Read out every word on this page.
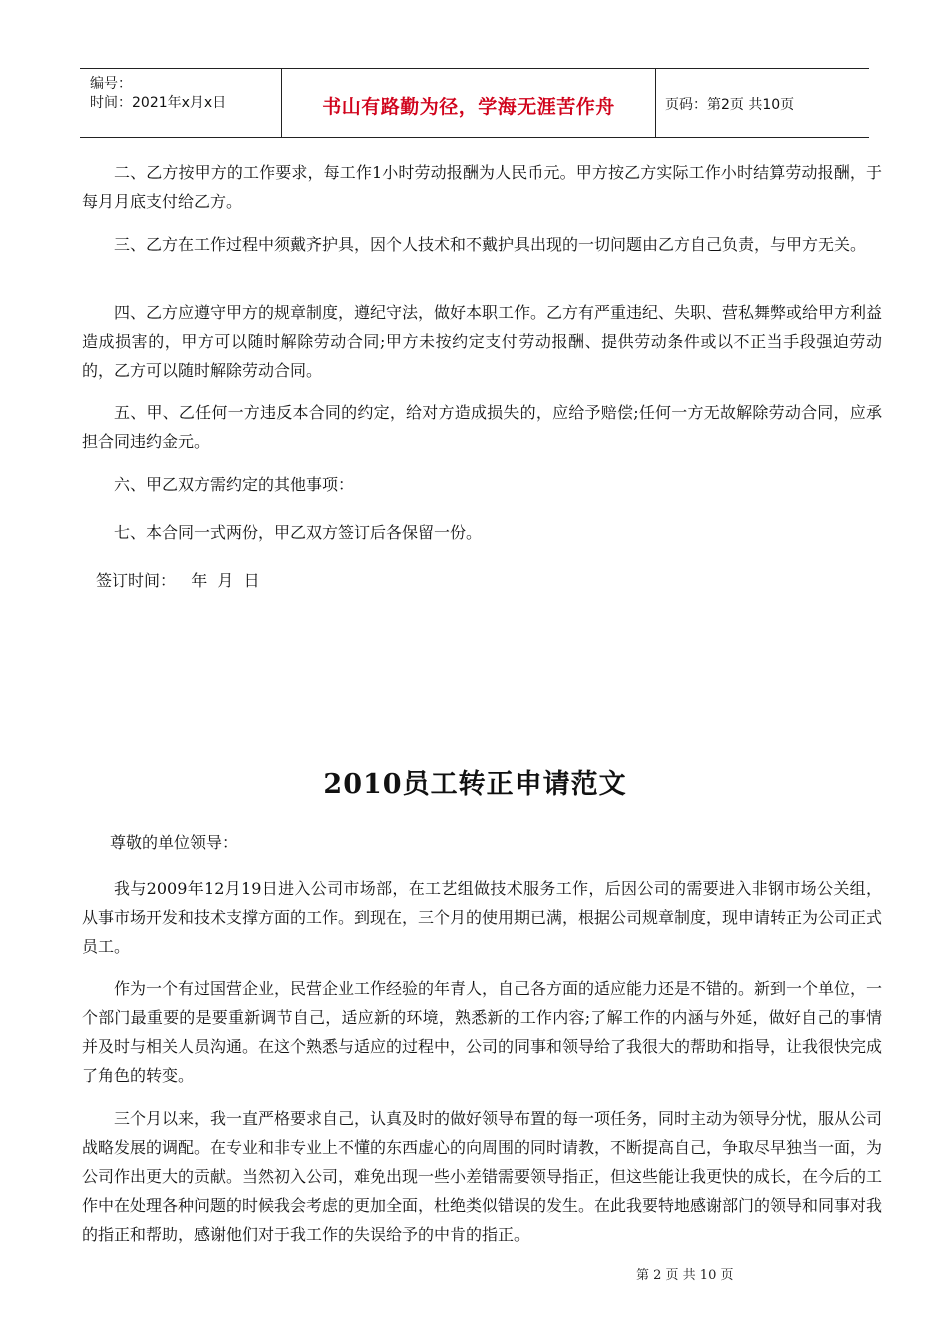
编号：
时间：2021年x月x日	书山有路勤为径，学海无涯苦作舟	页码：第2页 共10页

二、乙方按甲方的工作要求，每工作1小时劳动报酬为人民币元。甲方按乙方实际工作小时结算劳动报酬，于每月月底支付给乙方。

三、乙方在工作过程中须戴齐护具，因个人技术和不戴护具出现的一切问题由乙方自己负责，与甲方无关。

四、乙方应遵守甲方的规章制度，遵纪守法，做好本职工作。乙方有严重违纪、失职、营私舞弊或给甲方利益造成损害的，甲方可以随时解除劳动合同;甲方未按约定支付劳动报酬、提供劳动条件或以不正当手段强迫劳动的，乙方可以随时解除劳动合同。

五、甲、乙任何一方违反本合同的约定，给对方造成损失的，应给予赔偿;任何一方无故解除劳动合同，应承担合同违约金元。

六、甲乙双方需约定的其他事项：

七、本合同一式两份，甲乙双方签订后各保留一份。

签订时间：   年  月  日

2010员工转正申请范文

尊敬的单位领导：

我与2009年12月19日进入公司市场部，在工艺组做技术服务工作，后因公司的需要进入非钢市场公关组，从事市场开发和技术支撑方面的工作。到现在，三个月的使用期已满，根据公司规章制度，现申请转正为公司正式员工。

作为一个有过国营企业，民营企业工作经验的年青人，自己各方面的适应能力还是不错的。新到一个单位，一个部门最重要的是要重新调节自己，适应新的环境，熟悉新的工作内容;了解工作的内涵与外延，做好自己的事情并及时与相关人员沟通。在这个熟悉与适应的过程中，公司的同事和领导给了我很大的帮助和指导，让我很快完成了角色的转变。

三个月以来，我一直严格要求自己，认真及时的做好领导布置的每一项任务，同时主动为领导分忧，服从公司战略发展的调配。在专业和非专业上不懂的东西虚心的向周围的同时请教，不断提高自己，争取尽早独当一面，为公司作出更大的贡献。当然初入公司，难免出现一些小差错需要领导指正，但这些能让我更快的成长，在今后的工作中在处理各种问题的时候我会考虑的更加全面，杜绝类似错误的发生。在此我要特地感谢部门的领导和同事对我的指正和帮助，感谢他们对于我工作的失误给予的中肯的指正。

第 2 页 共 10 页
